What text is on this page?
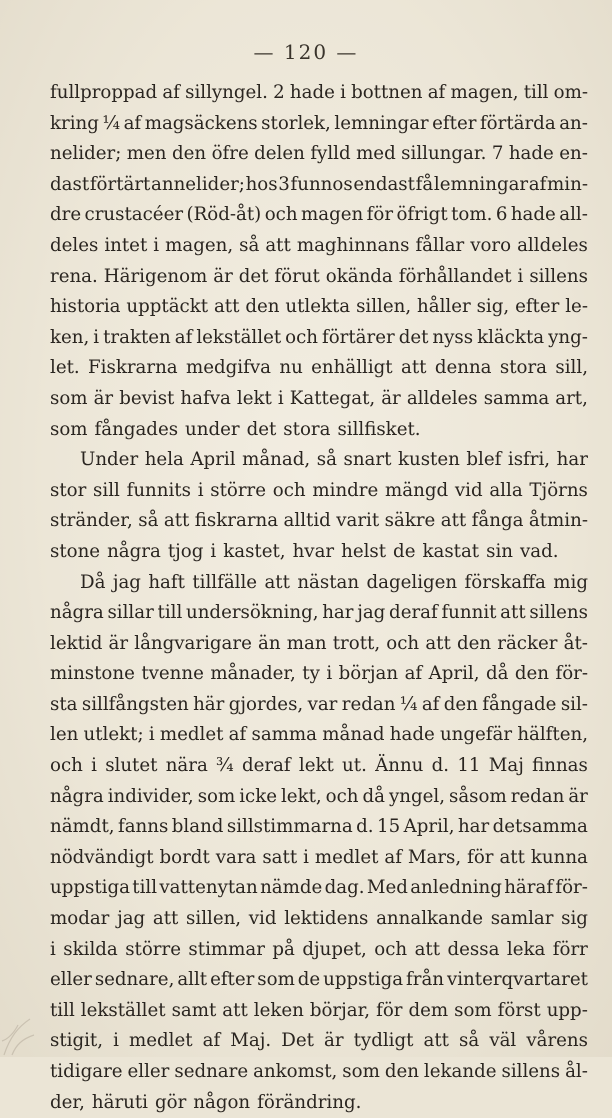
— 120 —
fullproppad af sillyngel. 2 hade i bottnen af magen, till om-
kring ¼ af magsäckens storlek, lemningar efter förtärda an-
nelider; men den öfre delen fylld med sillungar. 7 hade en-
dast förtärt annelider; hos 3 funnos endast få lemningar af min-
dre crustacéer (Röd-åt) och magen för öfrigt tom. 6 hade all-
deles intet i magen, så att maghinnans fållar voro alldeles
rena. Härigenom är det förut okända förhållandet i sillens
historia upptäckt att den utlekta sillen, håller sig, efter le-
ken, i trakten af lekstället och förtärer det nyss kläckta yng-
let. Fiskrarna medgifva nu enhälligt att denna stora sill,
som är bevist hafva lekt i Kattegat, är alldeles samma art,
som fångades under det stora sillfisket.
Under hela April månad, så snart kusten blef isfri, har
stor sill funnits i större och mindre mängd vid alla Tjörns
stränder, så att fiskrarna alltid varit säkre att fånga åtmin-
stone några tjog i kastet, hvar helst de kastat sin vad.
Då jag haft tillfälle att nästan dageligen förskaffa mig
några sillar till undersökning, har jag deraf funnit att sillens
lektid är långvarigare än man trott, och att den räcker åt-
minstone tvenne månader, ty i början af April, då den för-
sta sillfångsten här gjordes, var redan ¼ af den fångade sil-
len utlekt; i medlet af samma månad hade ungefär hälften,
och i slutet nära ¾ deraf lekt ut. Ännu d. 11 Maj finnas
några individer, som icke lekt, och då yngel, såsom redan är
nämdt, fanns bland sillstimmarna d. 15 April, har detsamma
nödvändigt bordt vara satt i medlet af Mars, för att kunna
uppstiga till vattenytan nämde dag. Med anledning häraf för-
modar jag att sillen, vid lektidens annalkande samlar sig
i skilda större stimmar på djupet, och att dessa leka förr
eller sednare, allt efter som de uppstiga från vinterqvartaret
till lekstället samt att leken börjar, för dem som först upp-
stigit, i medlet af Maj. Det är tydligt att så väl vårens
tidigare eller sednare ankomst, som den lekande sillens ål-
der, häruti gör någon förändring.
